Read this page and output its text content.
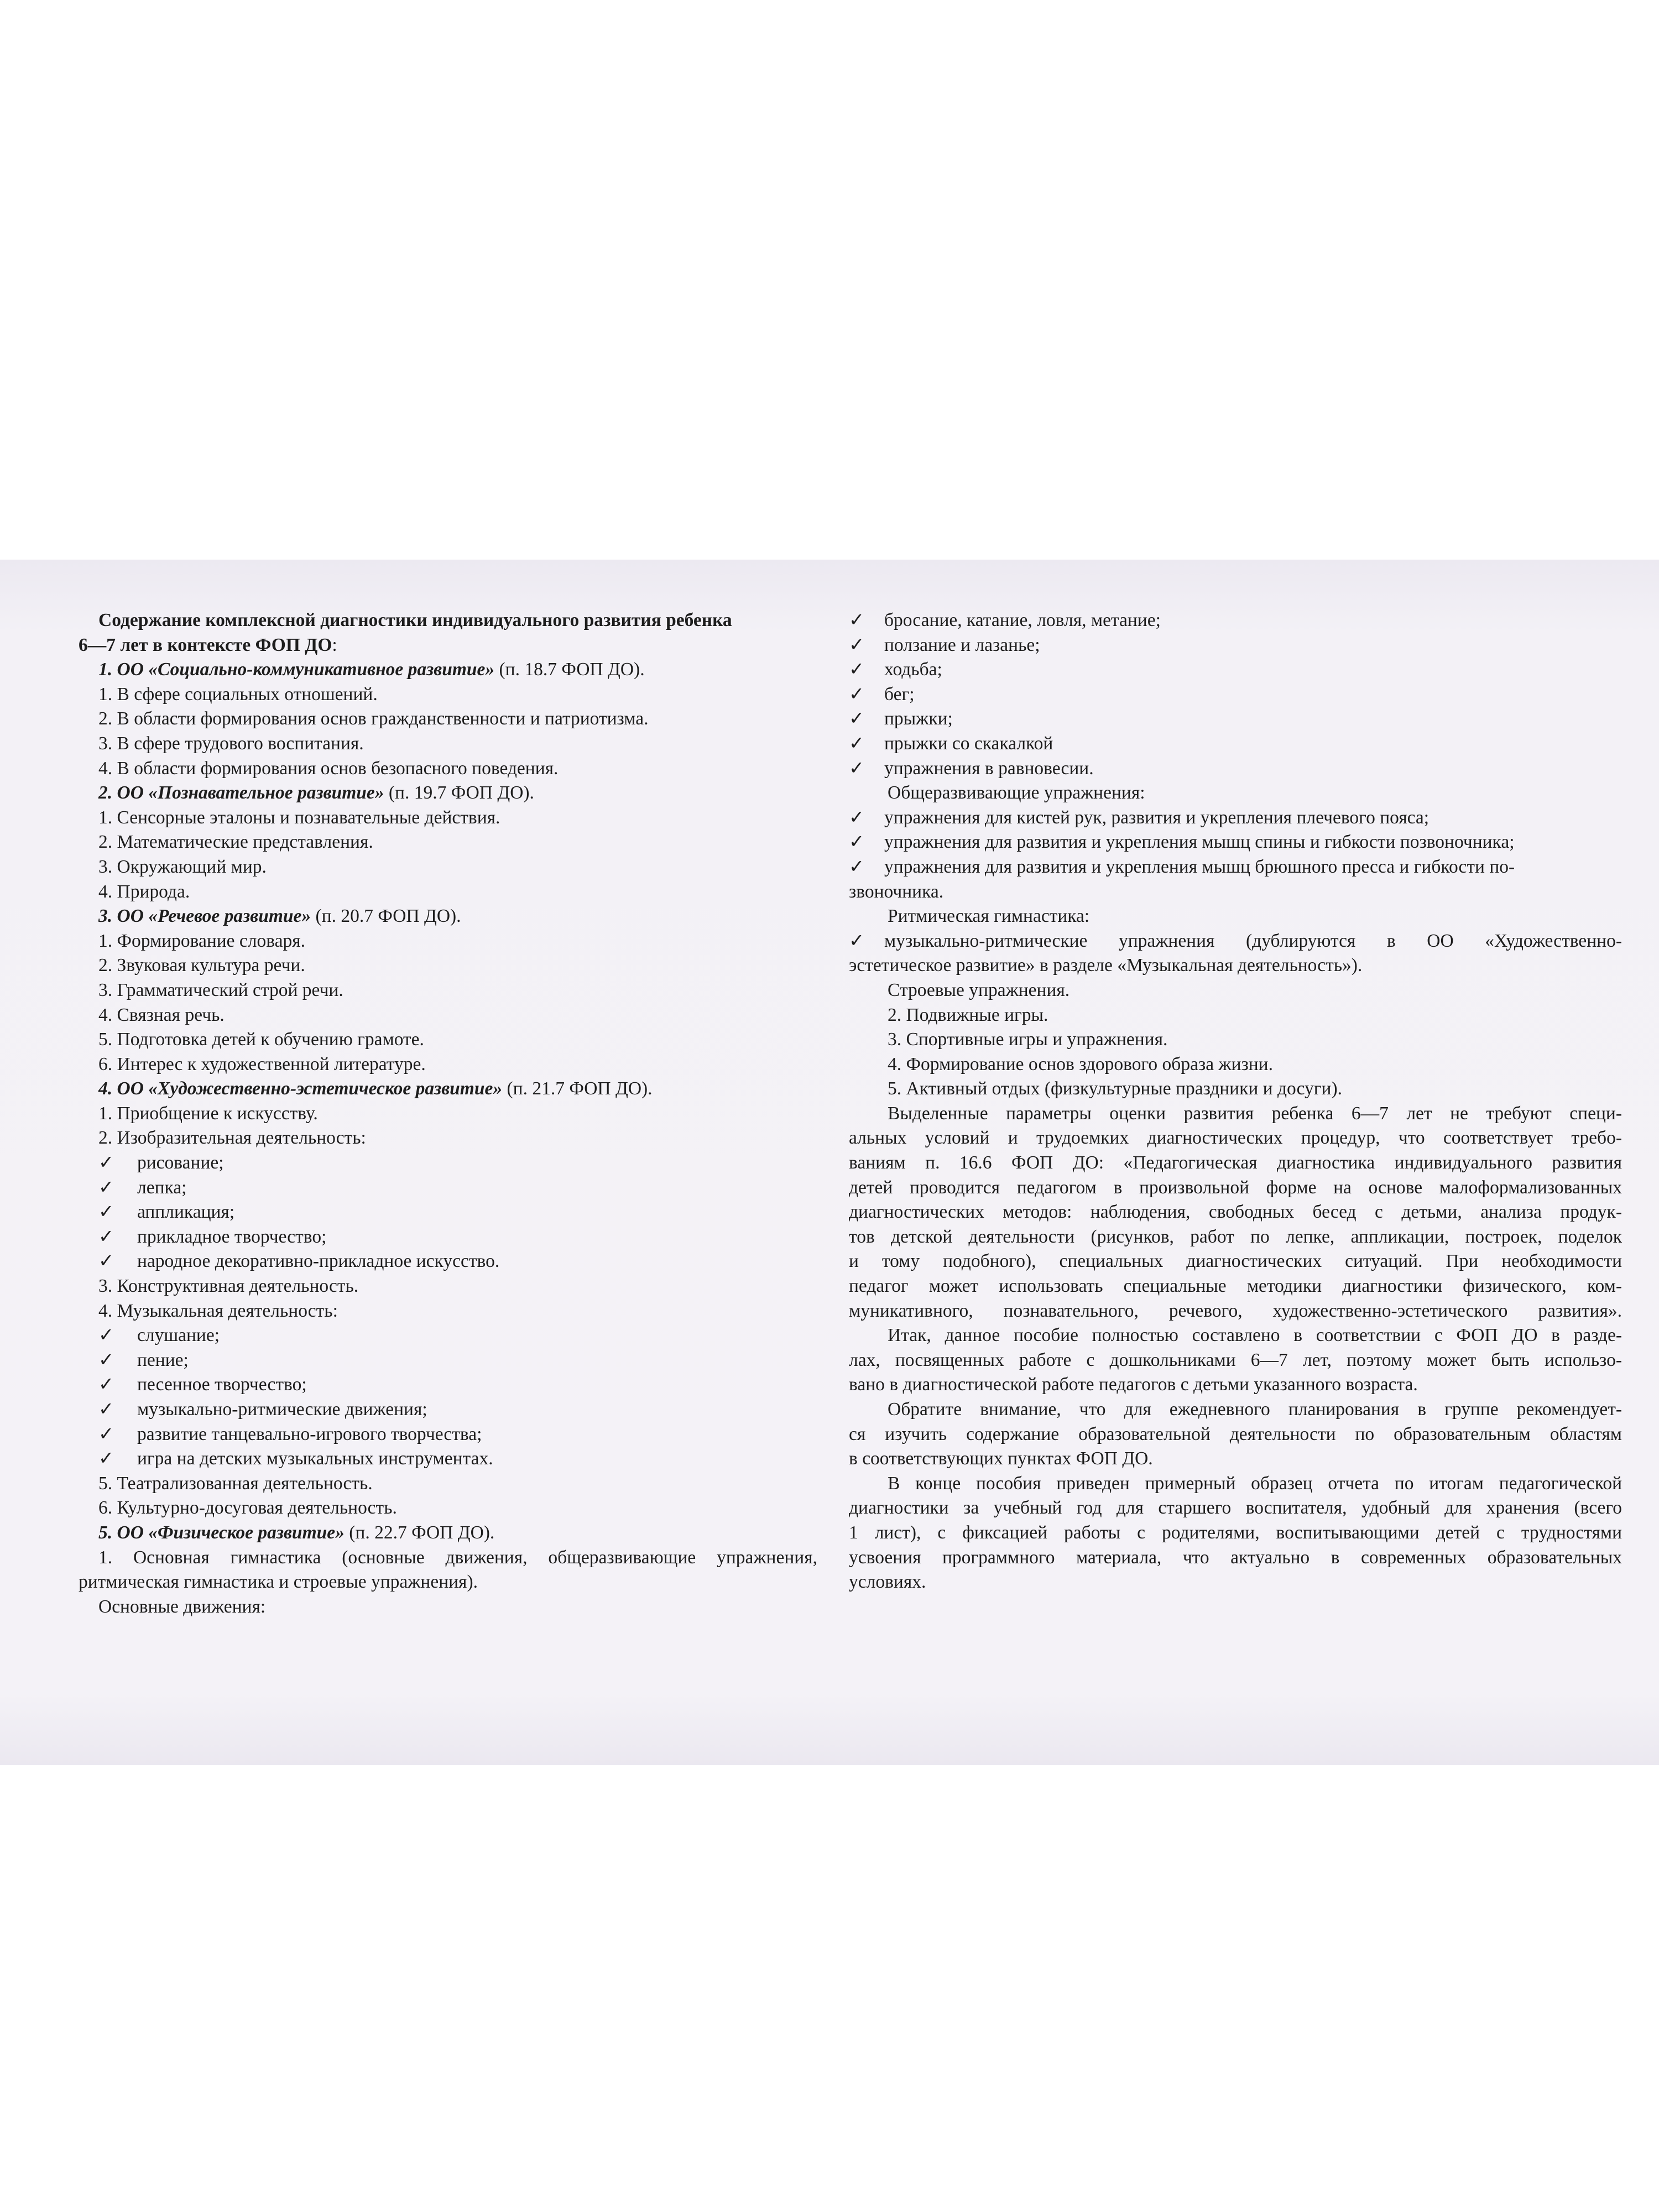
Содержание комплексной диагностики индивидуального развития ребенка
6—7 лет в контексте ФОП ДО:
1. ОО «Социально-коммуникативное развитие» (п. 18.7 ФОП ДО).
1. В сфере социальных отношений.
2. В области формирования основ гражданственности и патриотизма.
3. В сфере трудового воспитания.
4. В области формирования основ безопасного поведения.
2. ОО «Познавательное развитие» (п. 19.7 ФОП ДО).
1. Сенсорные эталоны и познавательные действия.
2. Математические представления.
3. Окружающий мир.
4. Природа.
3. ОО «Речевое развитие» (п. 20.7 ФОП ДО).
1. Формирование словаря.
2. Звуковая культура речи.
3. Грамматический строй речи.
4. Связная речь.
5. Подготовка детей к обучению грамоте.
6. Интерес к художественной литературе.
4. ОО «Художественно-эстетическое развитие» (п. 21.7 ФОП ДО).
1. Приобщение к искусству.
2. Изобразительная деятельность:
✓ рисование;
✓ лепка;
✓ аппликация;
✓ прикладное творчество;
✓ народное декоративно-прикладное искусство.
3. Конструктивная деятельность.
4. Музыкальная деятельность:
✓ слушание;
✓ пение;
✓ песенное творчество;
✓ музыкально-ритмические движения;
✓ развитие танцевально-игрового творчества;
✓ игра на детских музыкальных инструментах.
5. Театрализованная деятельность.
6. Культурно-досуговая деятельность.
5. ОО «Физическое развитие» (п. 22.7 ФОП ДО).
1. Основная гимнастика (основные движения, общеразвивающие упражнения,
ритмическая гимнастика и строевые упражнения).
Основные движения:
✓ бросание, катание, ловля, метание;
✓ ползание и лазанье;
✓ ходьба;
✓ бег;
✓ прыжки;
✓ прыжки со скакалкой
✓ упражнения в равновесии.
Общеразвивающие упражнения:
✓ упражнения для кистей рук, развития и укрепления плечевого пояса;
✓ упражнения для развития и укрепления мышц спины и гибкости позвоночника;
✓ упражнения для развития и укрепления мышц брюшного пресса и гибкости по-
звоночника.
Ритмическая гимнастика:
✓ музыкально-ритмические упражнения (дублируются в ОО «Художественно-
эстетическое развитие» в разделе «Музыкальная деятельность»).
Строевые упражнения.
2. Подвижные игры.
3. Спортивные игры и упражнения.
4. Формирование основ здорового образа жизни.
5. Активный отдых (физкультурные праздники и досуги).
Выделенные параметры оценки развития ребенка 6—7 лет не требуют специ-
альных условий и трудоемких диагностических процедур, что соответствует требо-
ваниям п. 16.6 ФОП ДО: «Педагогическая диагностика индивидуального развития
детей проводится педагогом в произвольной форме на основе малоформализованных
диагностических методов: наблюдения, свободных бесед с детьми, анализа продук-
тов детской деятельности (рисунков, работ по лепке, аппликации, построек, поделок
и тому подобного), специальных диагностических ситуаций. При необходимости
педагог может использовать специальные методики диагностики физического, ком-
муникативного, познавательного, речевого, художественно-эстетического развития».
Итак, данное пособие полностью составлено в соответствии с ФОП ДО в разде-
лах, посвященных работе с дошкольниками 6—7 лет, поэтому может быть использо-
вано в диагностической работе педагогов с детьми указанного возраста.
Обратите внимание, что для ежедневного планирования в группе рекомендует-
ся изучить содержание образовательной деятельности по образовательным областям
в соответствующих пунктах ФОП ДО.
В конце пособия приведен примерный образец отчета по итогам педагогической
диагностики за учебный год для старшего воспитателя, удобный для хранения (всего
1 лист), с фиксацией работы с родителями, воспитывающими детей с трудностями
усвоения программного материала, что актуально в современных образовательных
условиях.
